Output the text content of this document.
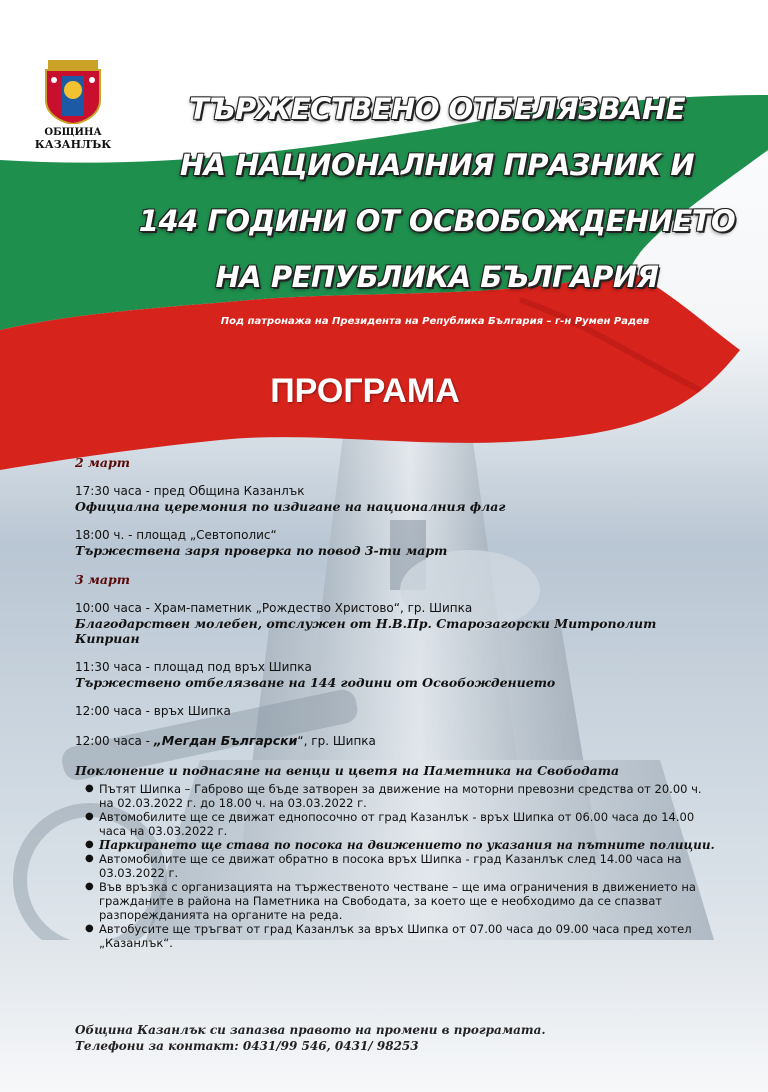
ОБЩИНА
КАЗАНЛЪК
ТЪРЖЕСТВЕНО ОТБЕЛЯЗВАНЕ
НА НАЦИОНАЛНИЯ ПРАЗНИК И
144 ГОДИНИ ОТ ОСВОБОЖДЕНИЕТО
НА РЕПУБЛИКА БЪЛГАРИЯ
Под патронажа на Президента на Република България – г-н Румен Радев
ПРОГРАМА

2 март

17:30 часа - пред Община Казанлък

Официална церемония по издигане на националния флаг

18:00 ч. - площад „Севтополис“

Тържествена заря проверка по повод 3-ти март

3 март

10:00 часа - Храм-паметник „Рождество Христово“, гр. Шипка

Благодарствен молебен, отслужен от Н.В.Пр. Старозагорски Митрополит Киприан

11:30 часа - площад под връх Шипка

Тържествено отбелязване на 144 години от Освобождението

12:00 часа - връх Шипка

12:00 часа - „Мегдан Български“, гр. Шипка

Поклонение и поднасяне на венци и цветя на Паметника на Свободата

● Пътят Шипка – Габрово ще бъде затворен за движение на моторни превозни средства от 20.00 ч. на 02.03.2022 г. до 18.00 ч. на 03.03.2022 г.
● Автомобилите ще се движат еднопосочно от град Казанлък - връх Шипка от 06.00 часа до 14.00 часа на 03.03.2022 г.
● Паркирането ще става по посока на движението по указания на пътните полиции.
● Автомобилите ще се движат обратно в посока връх Шипка - град Казанлък след 14.00 часа на 03.03.2022 г.
● Във връзка с организацията на тържественото честване – ще има ограничения в движението на гражданите в района на Паметника на Свободата, за което ще е необходимо да се спазват разпорежданията на органите на реда.
● Автобусите ще тръгват от град Казанлък за връх Шипка от 07.00 часа до 09.00 часа пред хотел „Казанлък“.
Община Казанлък си запазва правото на промени в програмата.
Телефони за контакт: 0431/99 546, 0431/ 98253
